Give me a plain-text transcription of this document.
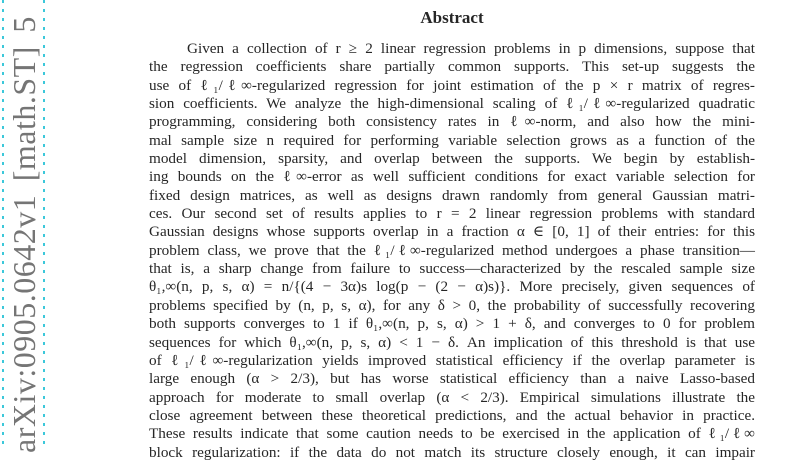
arXiv:0905.0642v1 [math.ST] 5	Abstract
Given a collection of r ≥ 2 linear regression problems in p dimensions, suppose that
the regression coefficients share partially common supports. This set-up suggests the
use of ℓ₁/ℓ∞-regularized regression for joint estimation of the p × r matrix of regres-
sion coefficients. We analyze the high-dimensional scaling of ℓ₁/ℓ∞-regularized quadratic
programming, considering both consistency rates in ℓ∞-norm, and also how the mini-
mal sample size n required for performing variable selection grows as a function of the
model dimension, sparsity, and overlap between the supports. We begin by establish-
ing bounds on the ℓ∞-error as well sufficient conditions for exact variable selection for
fixed design matrices, as well as designs drawn randomly from general Gaussian matri-
ces. Our second set of results applies to r = 2 linear regression problems with standard
Gaussian designs whose supports overlap in a fraction α ∈ [0, 1] of their entries: for this
problem class, we prove that the ℓ₁/ℓ∞-regularized method undergoes a phase transition—
that is, a sharp change from failure to success—characterized by the rescaled sample size
θ₁,∞(n, p, s, α) = n/{(4 − 3α)s log(p − (2 − α)s)}. More precisely, given sequences of
problems specified by (n, p, s, α), for any δ > 0, the probability of successfully recovering
both supports converges to 1 if θ₁,∞(n, p, s, α) > 1 + δ, and converges to 0 for problem
sequences for which θ₁,∞(n, p, s, α) < 1 − δ. An implication of this threshold is that use
of ℓ₁/ℓ∞-regularization yields improved statistical efficiency if the overlap parameter is
large enough (α > 2/3), but has worse statistical efficiency than a naive Lasso-based
approach for moderate to small overlap (α < 2/3). Empirical simulations illustrate the
close agreement between these theoretical predictions, and the actual behavior in practice.
These results indicate that some caution needs to be exercised in the application of ℓ₁/ℓ∞
block regularization: if the data do not match its structure closely enough, it can impair
